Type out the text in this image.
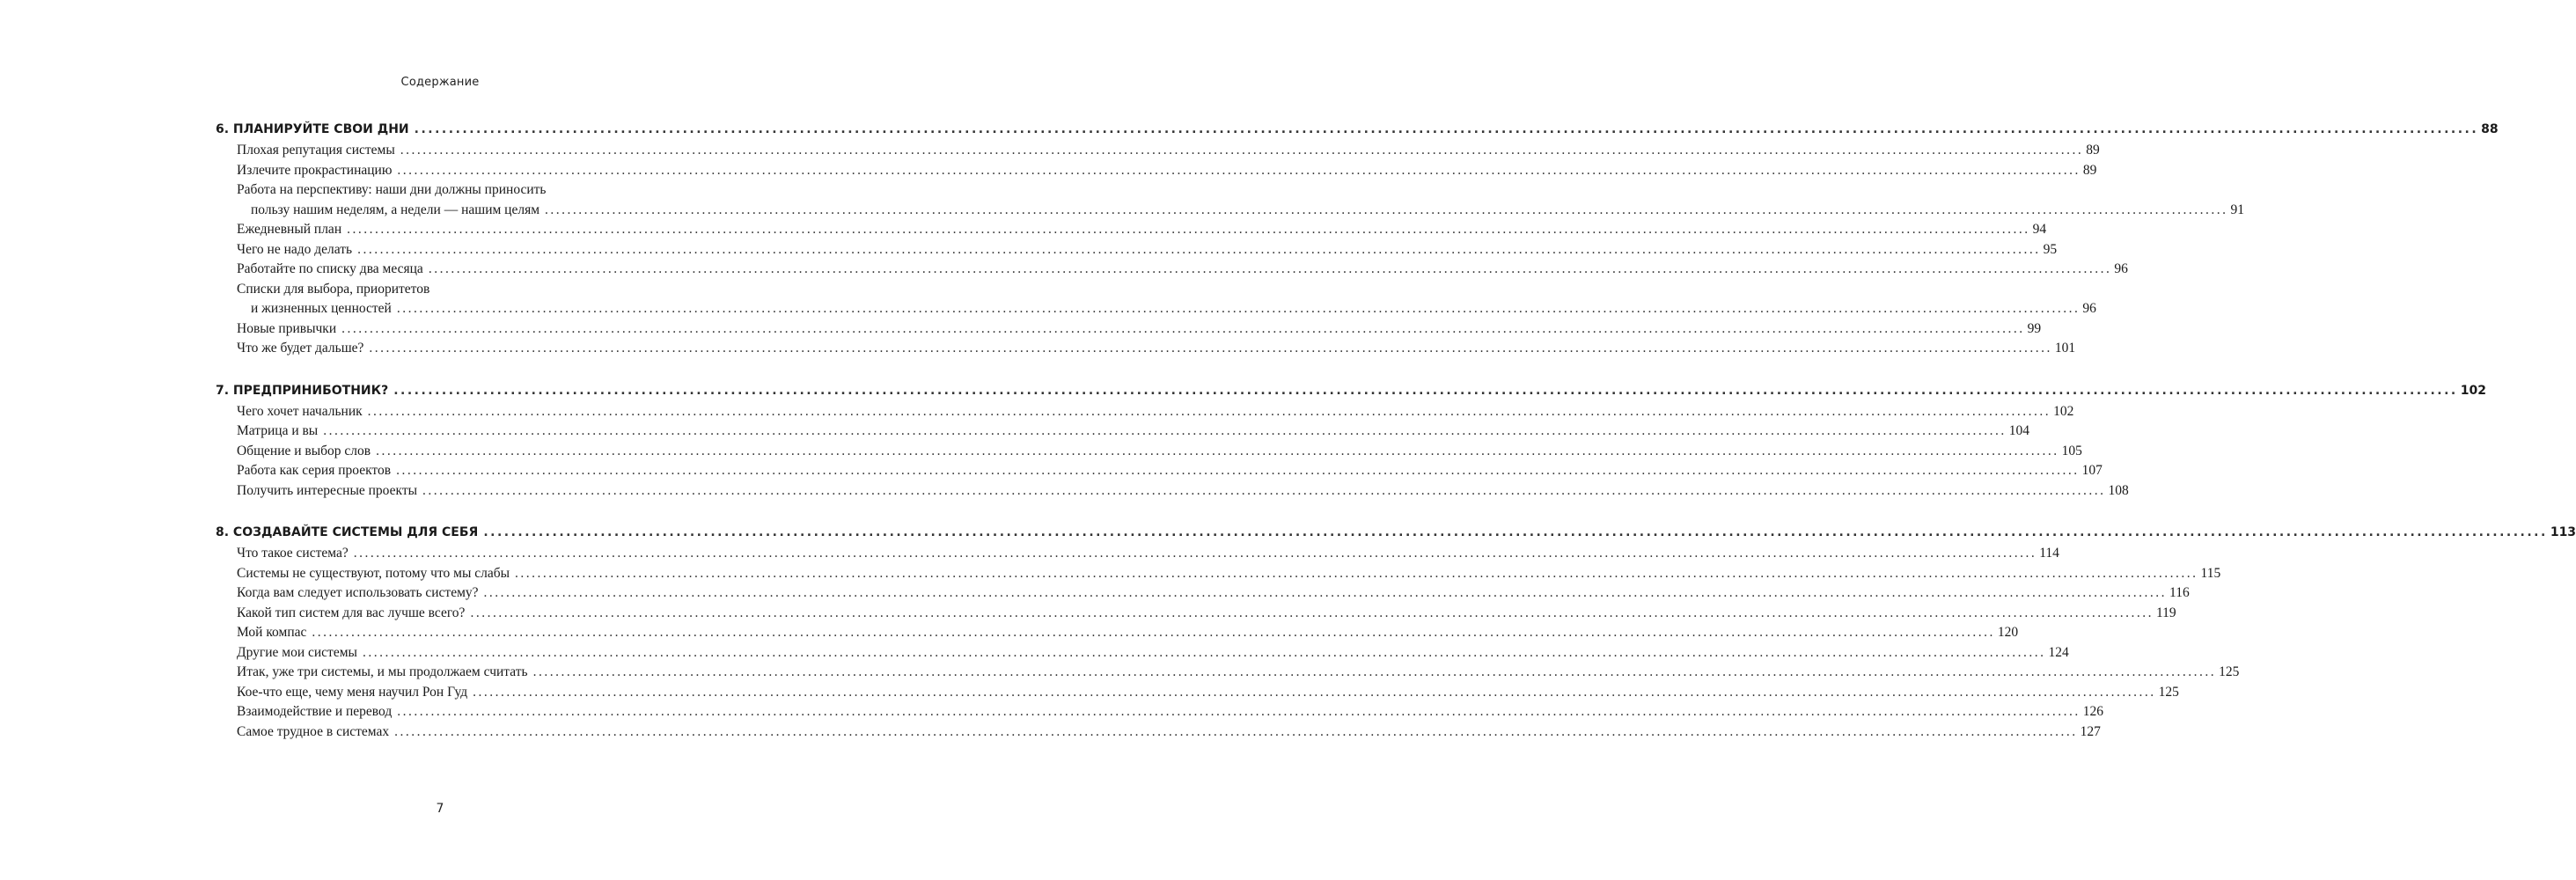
Содержание
6. ПЛАНИРУЙТЕ СВОИ ДНИ ............................................................................................................................................................................................................................................................................................................ 88
Плохая репутация системы ............................................................................................................................................................................................................................................................................................................ 89
Излечите прокрастинацию ............................................................................................................................................................................................................................................................................................................ 89
Работа на перспективу: наши дни должны приносить
пользу нашим неделям, а недели — нашим целям ............................................................................................................................................................................................................................................................................................................ 91
Ежедневный план ............................................................................................................................................................................................................................................................................................................ 94
Чего не надо делать ............................................................................................................................................................................................................................................................................................................ 95
Работайте по списку два месяца ............................................................................................................................................................................................................................................................................................................ 96
Списки для выбора, приоритетов
и жизненных ценностей ............................................................................................................................................................................................................................................................................................................ 96
Новые привычки ............................................................................................................................................................................................................................................................................................................ 99
Что же будет дальше? ............................................................................................................................................................................................................................................................................................................ 101
7. ПРЕДПРИНИБОТНИК? ............................................................................................................................................................................................................................................................................................................ 102
Чего хочет начальник ............................................................................................................................................................................................................................................................................................................ 102
Матрица и вы ............................................................................................................................................................................................................................................................................................................ 104
Общение и выбор слов ............................................................................................................................................................................................................................................................................................................ 105
Работа как серия проектов ............................................................................................................................................................................................................................................................................................................ 107
Получить интересные проекты ............................................................................................................................................................................................................................................................................................................ 108
8. СОЗДАВАЙТЕ СИСТЕМЫ ДЛЯ СЕБЯ ............................................................................................................................................................................................................................................................................................................ 113
Что такое система? ............................................................................................................................................................................................................................................................................................................ 114
Системы не существуют, потому что мы слабы ............................................................................................................................................................................................................................................................................................................ 115
Когда вам следует использовать систему? ............................................................................................................................................................................................................................................................................................................ 116
Какой тип систем для вас лучше всего? ............................................................................................................................................................................................................................................................................................................ 119
Мой компас ............................................................................................................................................................................................................................................................................................................ 120
Другие мои системы ............................................................................................................................................................................................................................................................................................................ 124
Итак, уже три системы, и мы продолжаем считать ............................................................................................................................................................................................................................................................................................................ 125
Кое-что еще, чему меня научил Рон Гуд ............................................................................................................................................................................................................................................................................................................ 125
Взаимодействие и перевод ............................................................................................................................................................................................................................................................................................................ 126
Самое трудное в системах ............................................................................................................................................................................................................................................................................................................ 127
7
